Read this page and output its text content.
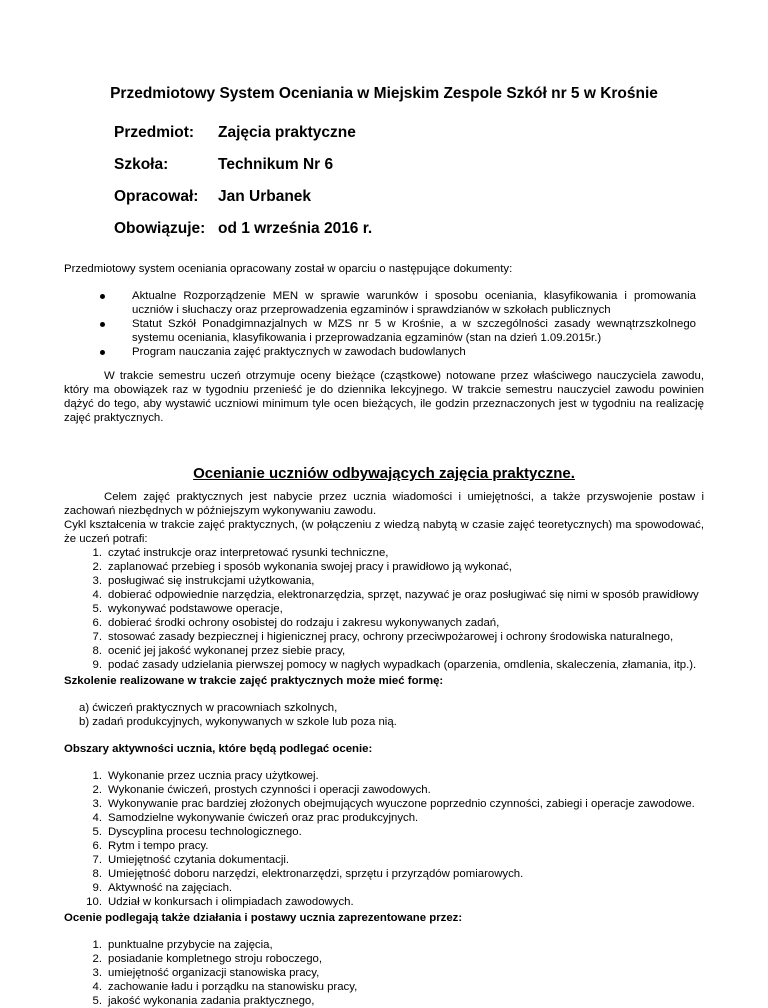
Przedmiotowy System Oceniania w Miejskim Zespole Szkół nr 5 w Krośnie
Przedmiot: Zajęcia praktyczne
Szkoła:	Technikum Nr 6
Opracował: Jan Urbanek
Obowiązuje: od 1 września 2016 r.
Przedmiotowy system oceniania opracowany został w oparciu o następujące dokumenty:
Aktualne Rozporządzenie MEN w sprawie warunków i sposobu oceniania, klasyfikowania i promowania uczniów i słuchaczy oraz przeprowadzenia egzaminów i sprawdzianów w szkołach publicznych
Statut Szkół Ponadgimnazjalnych w MZS nr 5 w Krośnie, a w szczególności zasady wewnątrzszkolnego systemu oceniania, klasyfikowania i przeprowadzania egzaminów (stan na dzień 1.09.2015r.)
Program nauczania zajęć praktycznych w zawodach budowlanych
W trakcie semestru uczeń otrzymuje oceny bieżące (cząstkowe) notowane przez właściwego nauczyciela zawodu, który ma obowiązek raz w tygodniu przenieść je do dziennika lekcyjnego. W trakcie semestru nauczyciel zawodu powinien dążyć do tego, aby wystawić uczniowi minimum tyle ocen bieżących, ile godzin przeznaczonych jest w tygodniu na realizację zajęć praktycznych.
Ocenianie uczniów odbywających zajęcia praktyczne.
Celem zajęć praktycznych jest nabycie przez ucznia wiadomości i umiejętności, a także przyswojenie postaw i zachowań niezbędnych w późniejszym wykonywaniu zawodu.
Cykl kształcenia w trakcie zajęć praktycznych, (w połączeniu z wiedzą nabytą w czasie zajęć teoretycznych) ma spowodować, że uczeń potrafi:
1. czytać instrukcje oraz interpretować rysunki techniczne,
2. zaplanować przebieg i sposób wykonania swojej pracy i prawidłowo ją wykonać,
3. posługiwać się instrukcjami użytkowania,
4. dobierać odpowiednie narzędzia, elektronarzędzia, sprzęt, nazywać je oraz posługiwać się nimi w sposób prawidłowy
5. wykonywać podstawowe operacje,
6. dobierać środki ochrony osobistej do rodzaju i zakresu wykonywanych zadań,
7. stosować zasady bezpiecznej i higienicznej pracy, ochrony przeciwpożarowej i ochrony środowiska naturalnego,
8. ocenić jej jakość wykonanej przez siebie pracy,
9. podać zasady udzielania pierwszej pomocy w nagłych wypadkach (oparzenia, omdlenia, skaleczenia, złamania, itp.).
Szkolenie realizowane w trakcie zajęć praktycznych może mieć formę:
a) ćwiczeń praktycznych w pracowniach szkolnych,
b) zadań produkcyjnych, wykonywanych w szkole lub poza nią.
Obszary aktywności ucznia, które będą podlegać ocenie:
1. Wykonanie przez ucznia pracy użytkowej.
2. Wykonanie ćwiczeń, prostych czynności i operacji zawodowych.
3. Wykonywanie prac bardziej złożonych obejmujących wyuczone poprzednio czynności, zabiegi i operacje zawodowe.
4. Samodzielne wykonywanie ćwiczeń oraz prac produkcyjnych.
5. Dyscyplina procesu technologicznego.
6. Rytm i tempo pracy.
7. Umiejętność czytania dokumentacji.
8. Umiejętność doboru narzędzi, elektronarzędzi, sprzętu i przyrządów pomiarowych.
9. Aktywność na zajęciach.
10. Udział w konkursach i olimpiadach zawodowych.
Ocenie podlegają także działania i postawy ucznia zaprezentowane przez:
1. punktualne przybycie na zajęcia,
2. posiadanie kompletnego stroju roboczego,
3. umiejętność organizacji stanowiska pracy,
4. zachowanie ładu i porządku na stanowisku pracy,
5. jakość wykonania zadania praktycznego,
